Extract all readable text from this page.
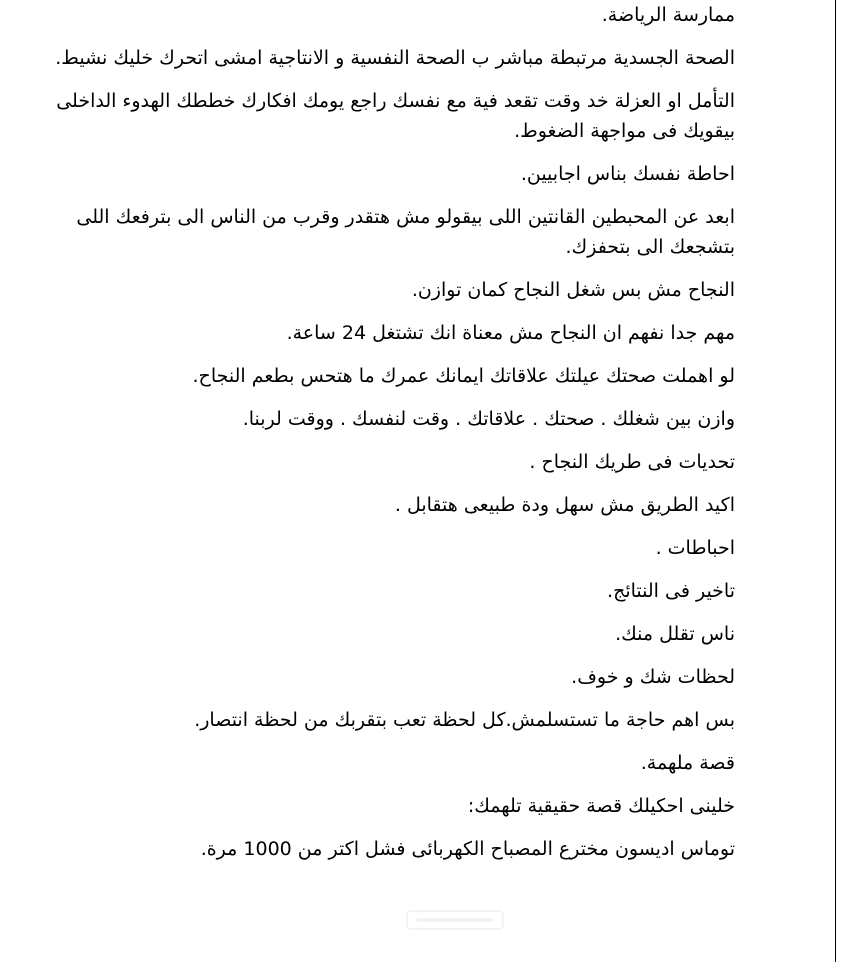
ممارسة الرياضة.

الصحة الجسدية مرتبطة مباشر ب الصحة النفسية و الانتاجية امشى اتحرك خليك نشيط.

التأمل او العزلة خد وقت تقعد فية مع نفسك راجع يومك افكارك خططك الهدوء الداخلى بيقويك فى مواجهة الضغوط.

احاطة نفسك بناس اجابيين.

ابعد عن المحبطين القانتين اللى بيقولو مش هتقدر وقرب من الناس الى بترفعك اللى بتشجعك الى بتحفزك.

النجاح مش بس شغل النجاح كمان توازن.

مهم جدا نفهم ان النجاح مش معناة انك تشتغل 24 ساعة.

لو اهملت صحتك عيلتك علاقاتك ايمانك عمرك ما هتحس بطعم النجاح.

وازن بين شغلك . صحتك . علاقاتك . وقت لنفسك . ووقت لربنا.

تحديات فى طريك النجاح .

اكيد الطريق مش سهل ودة طبيعى هتقابل .

احباطات .

تاخير فى النتائج.

ناس تقلل منك.

لحظات شك و خوف.

بس اهم حاجة ما تستسلمش.كل لحظة تعب بتقربك من لحظة انتصار.

قصة ملهمة.

خلينى احكيلك قصة حقيقية تلهمك:

توماس اديسون مخترع المصباح الكهربائى فشل اكتر من 1000 مرة.
